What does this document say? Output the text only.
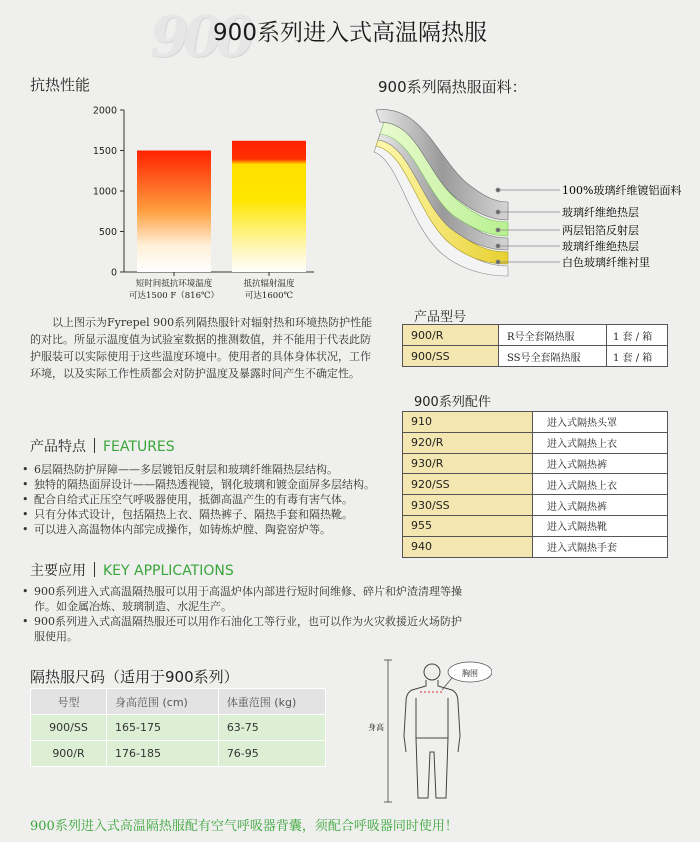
900
900系列进入式高温隔热服
抗热性能
0
500
1000
1500
2000
短时间抵抗环境温度
可达1500 F（816℃）
抵抗辐射温度
可达1600℃
以上图示为Fyrepel 900系列隔热服针对辐射热和环境热防护性能的对比。所显示温度值为试验室数据的推测数值，并不能用于代表此防护服装可以实际使用于这些温度环境中。使用者的具体身体状况，工作环境，以及实际工作性质都会对防护温度及暴露时间产生不确定性。
产品特点 FEATURES
• 6层隔热防护屏障——多层镀铝反射层和玻璃纤维隔热层结构。
• 独特的隔热面屏设计——隔热透视镜，钢化玻璃和镀金面屏多层结构。
• 配合自给式正压空气呼吸器使用，抵御高温产生的有毒有害气体。
• 只有分体式设计，包括隔热上衣、隔热裤子、隔热手套和隔热靴。
• 可以进入高温物体内部完成操作，如铸炼炉膛、陶瓷窑炉等。
主要应用 KEY APPLICATIONS
• 900系列进入式高温隔热服可以用于高温炉体内部进行短时间维修、碎片和炉渣清理等操作。如金属冶炼、玻璃制造、水泥生产。
• 900系列进入式高温隔热服还可以用作石油化工等行业，也可以作为火灾救援近火场防护服使用。
隔热服尺码（适用于900系列）
号型	身高范围 (cm)	体重范围 (kg)
900/SS	165-175	63-75
900/R	176-185	76-95
900系列隔热服面料：
100%玻璃纤维镀铝面料
玻璃纤维绝热层
两层铝箔反射层
玻璃纤维绝热层
白色玻璃纤维衬里
产品型号
900/R	R号全套隔热服	1 套 / 箱
900/SS	SS号全套隔热服	1 套 / 箱
900系列配件
910	进入式隔热头罩
920/R	进入式隔热上衣
930/R	进入式隔热裤
920/SS	进入式隔热上衣
930/SS	进入式隔热裤
955	进入式隔热靴
940	进入式隔热手套
胸围
身高
900系列进入式高温隔热服配有空气呼吸器背囊，须配合呼吸器同时使用！
